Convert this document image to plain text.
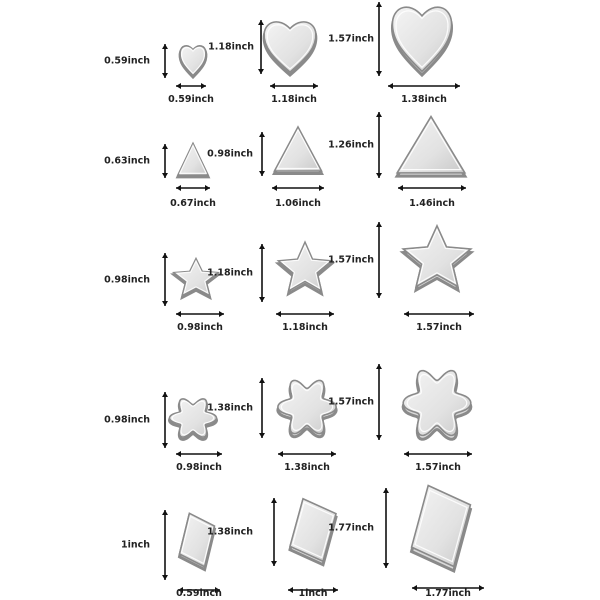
0.59inch
0.59inch
1.18inch
1.18inch
1.57inch
1.38inch
0.63inch
0.67inch
0.98inch
1.06inch
1.26inch
1.46inch
0.98inch
0.98inch
1.18inch
1.18inch
1.57inch
1.57inch
0.98inch
0.98inch
1.38inch
1.38inch
1.57inch
1.57inch
1inch
0.59inch
1.38inch
1inch
1.77inch
1.77inch
